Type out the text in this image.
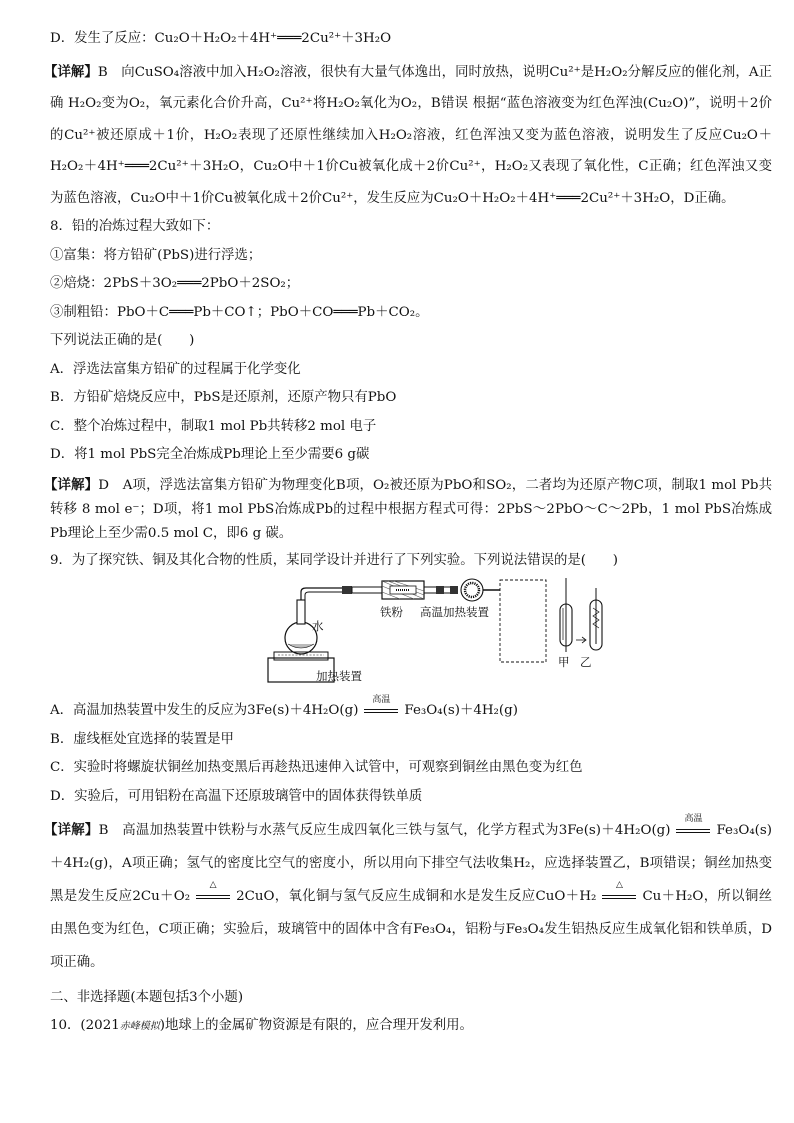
D．发生了反应：Cu₂O＋H₂O₂＋4H⁺═══2Cu²⁺＋3H₂O

【详解】B　向CuSO₄溶液中加入H₂O₂溶液，很快有大量气体逸出，同时放热，说明Cu²⁺是H₂O₂分解反应的催化剂，A正确 H₂O₂变为O₂，氧元素化合价升高，Cu²⁺将H₂O₂氧化为O₂，B错误 根据“蓝色溶液变为红色浑浊(Cu₂O)”，说明＋2价的Cu²⁺被还原成＋1价，H₂O₂表现了还原性继续加入H₂O₂溶液，红色浑浊又变为蓝色溶液，说明发生了反应Cu₂O＋H₂O₂＋4H⁺═══2Cu²⁺＋3H₂O，Cu₂O中＋1价Cu被氧化成＋2价Cu²⁺，H₂O₂又表现了氧化性，C正确；红色浑浊又变为蓝色溶液，Cu₂O中＋1价Cu被氧化成＋2价Cu²⁺，发生反应为Cu₂O＋H₂O₂＋4H⁺═══2Cu²⁺＋3H₂O，D正确。

8．铅的冶炼过程大致如下：

①富集：将方铅矿(PbS)进行浮选；

②焙烧：2PbS＋3O₂═══2PbO＋2SO₂；

③制粗铅：PbO＋C═══Pb＋CO↑；PbO＋CO═══Pb＋CO₂。

下列说法正确的是(　　)

A．浮选法富集方铅矿的过程属于化学变化

B．方铅矿焙烧反应中，PbS是还原剂，还原产物只有PbO

C．整个冶炼过程中，制取1 mol Pb共转移2 mol 电子

D．将1 mol PbS完全冶炼成Pb理论上至少需要6 g碳

【详解】D　A项，浮选法富集方铅矿为物理变化B项，O₂被还原为PbO和SO₂，二者均为还原产物C项，制取1 mol Pb共转移 8 mol e⁻；D项，将1 mol PbS冶炼成Pb的过程中根据方程式可得：2PbS～2PbO～C～2Pb，1 mol PbS冶炼成Pb理论上至少需0.5 mol C，即6 g 碳。

9．为了探究铁、铜及其化合物的性质，某同学设计并进行了下列实验。下列说法错误的是(　　)

铁粉 高温加热装置
水
加热装置
甲 乙

A．高温加热装置中发生的反应为3Fe(s)＋4H₂O(g)
高温
Fe₃O₄(s)＋4H₂(g)

B．虚线框处宜选择的装置是甲

C．实验时将螺旋状铜丝加热变黑后再趁热迅速伸入试管中，可观察到铜丝由黑色变为红色

D．实验后，可用铝粉在高温下还原玻璃管中的固体获得铁单质

【详解】B　高温加热装置中铁粉与水蒸气反应生成四氧化三铁与氢气，化学方程式为3Fe(s)＋4H₂O(g)
高温
Fe₃O₄(s)＋4H₂(g)，A项正确；氢气的密度比空气的密度小，所以用向下排空气法收集H₂，应选择装置乙，B项错误；铜丝加热变黑是发生反应2Cu＋O₂
△
2CuO，氧化铜与氢气反应生成铜和水是发生反应CuO＋H₂
△
Cu＋H₂O，所以铜丝由黑色变为红色，C项正确；实验后，玻璃管中的固体中含有Fe₃O₄，铝粉与Fe₃O₄发生铝热反应生成氧化铝和铁单质，D项正确。

二、非选择题(本题包括3个小题)

10．(2021赤峰模拟)地球上的金属矿物资源是有限的，应合理开发利用。
